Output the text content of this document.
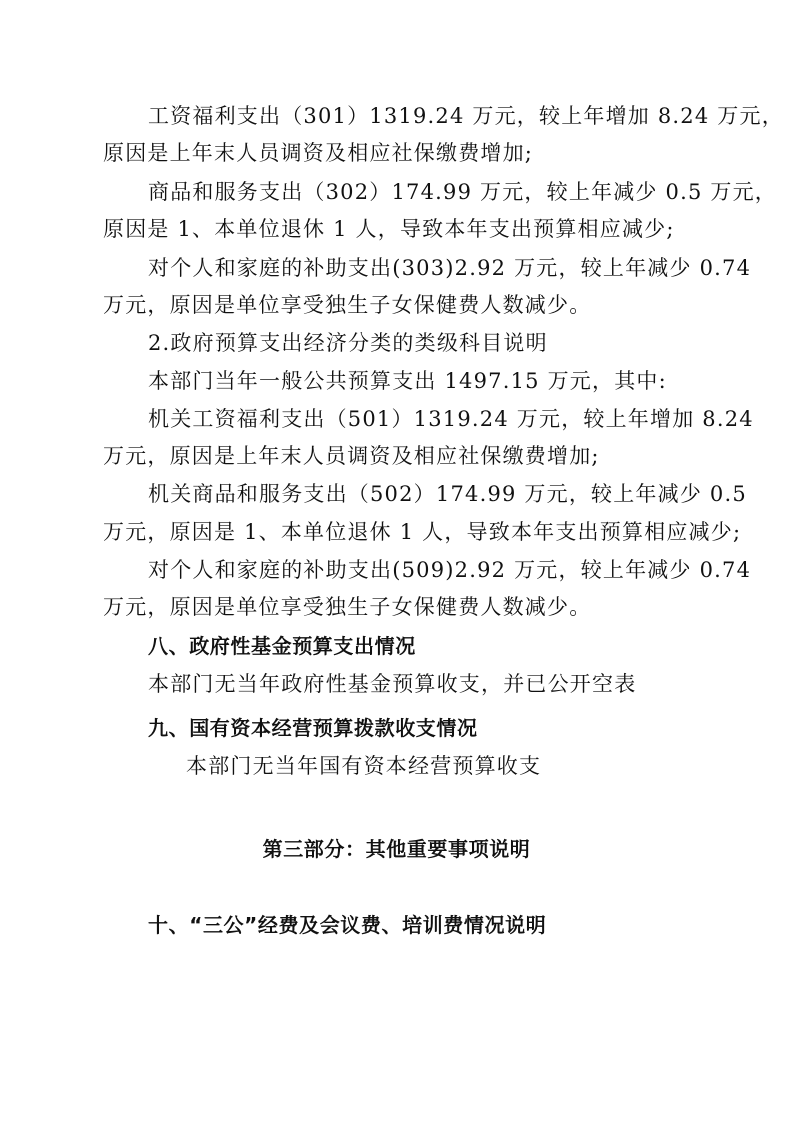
工资福利支出（301）1319.24 万元，较上年增加 8.24 万元，
原因是上年末人员调资及相应社保缴费增加;
商品和服务支出（302）174.99 万元，较上年减少 0.5 万元，
原因是 1、本单位退休 1 人，导致本年支出预算相应减少;
对个人和家庭的补助支出(303)2.92 万元，较上年减少 0.74
万元，原因是单位享受独生子女保健费人数减少。
2.政府预算支出经济分类的类级科目说明
本部门当年一般公共预算支出 1497.15 万元，其中:
机关工资福利支出（501）1319.24 万元，较上年增加 8.24
万元，原因是上年末人员调资及相应社保缴费增加;
机关商品和服务支出（502）174.99 万元，较上年减少 0.5
万元，原因是 1、本单位退休 1 人，导致本年支出预算相应减少;
对个人和家庭的补助支出(509)2.92 万元，较上年减少 0.74
万元，原因是单位享受独生子女保健费人数减少。
八、政府性基金预算支出情况
本部门无当年政府性基金预算收支，并已公开空表
九、国有资本经营预算拨款收支情况
本部门无当年国有资本经营预算收支
第三部分：其他重要事项说明
十、“三公”经费及会议费、培训费情况说明
